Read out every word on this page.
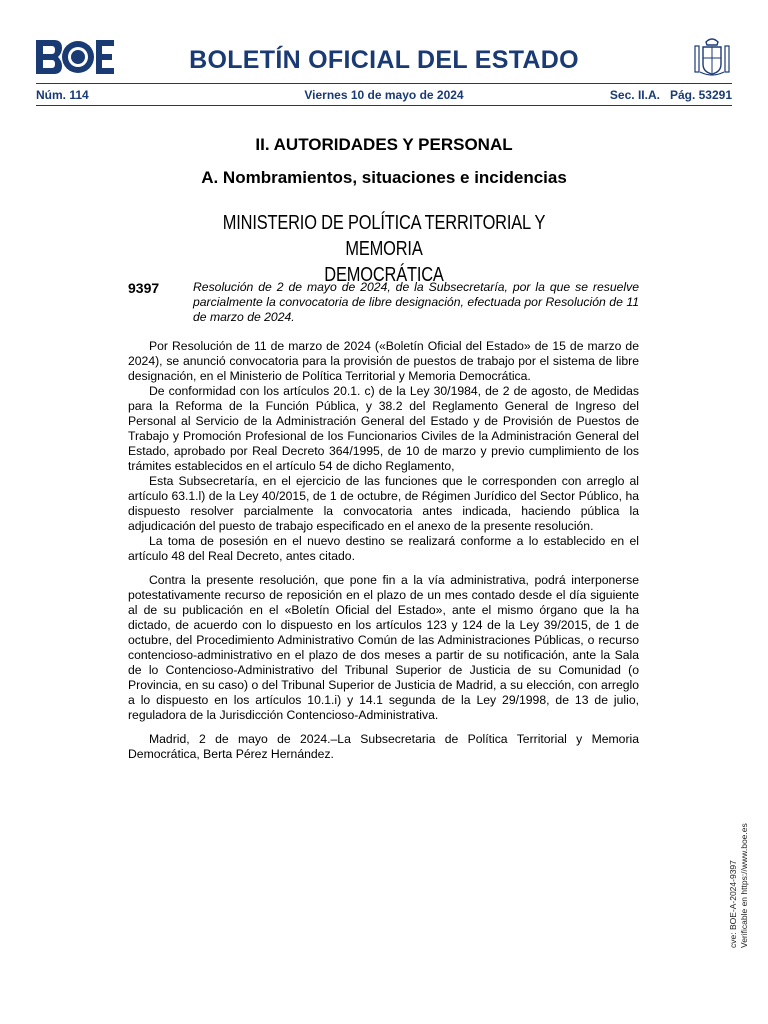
BOLETÍN OFICIAL DEL ESTADO
Núm. 114	Viernes 10 de mayo de 2024	Sec. II.A.   Pág. 53291
II. AUTORIDADES Y PERSONAL
A. Nombramientos, situaciones e incidencias
MINISTERIO DE POLÍTICA TERRITORIAL Y MEMORIA
DEMOCRÁTICA
9397	Resolución de 2 de mayo de 2024, de la Subsecretaría, por la que se resuelve parcialmente la convocatoria de libre designación, efectuada por Resolución de 11 de marzo de 2024.

Por Resolución de 11 de marzo de 2024 («Boletín Oficial del Estado» de 15 de marzo de 2024), se anunció convocatoria para la provisión de puestos de trabajo por el sistema de libre designación, en el Ministerio de Política Territorial y Memoria Democrática.

De conformidad con los artículos 20.1. c) de la Ley 30/1984, de 2 de agosto, de Medidas para la Reforma de la Función Pública, y 38.2 del Reglamento General de Ingreso del Personal al Servicio de la Administración General del Estado y de Provisión de Puestos de Trabajo y Promoción Profesional de los Funcionarios Civiles de la Administración General del Estado, aprobado por Real Decreto 364/1995, de 10 de marzo y previo cumplimiento de los trámites establecidos en el artículo 54 de dicho Reglamento,

Esta Subsecretaría, en el ejercicio de las funciones que le corresponden con arreglo al artículo 63.1.l) de la Ley 40/2015, de 1 de octubre, de Régimen Jurídico del Sector Público, ha dispuesto resolver parcialmente la convocatoria antes indicada, haciendo pública la adjudicación del puesto de trabajo especificado en el anexo de la presente resolución.

La toma de posesión en el nuevo destino se realizará conforme a lo establecido en el artículo 48 del Real Decreto, antes citado.

Contra la presente resolución, que pone fin a la vía administrativa, podrá interponerse potestativamente recurso de reposición en el plazo de un mes contado desde el día siguiente al de su publicación en el «Boletín Oficial del Estado», ante el mismo órgano que la ha dictado, de acuerdo con lo dispuesto en los artículos 123 y 124 de la Ley 39/2015, de 1 de octubre, del Procedimiento Administrativo Común de las Administraciones Públicas, o recurso contencioso-administrativo en el plazo de dos meses a partir de su notificación, ante la Sala de lo Contencioso-Administrativo del Tribunal Superior de Justicia de su Comunidad (o Provincia, en su caso) o del Tribunal Superior de Justicia de Madrid, a su elección, con arreglo a lo dispuesto en los artículos 10.1.i) y 14.1 segunda de la Ley 29/1998, de 13 de julio, reguladora de la Jurisdicción Contencioso-Administrativa.

Madrid, 2 de mayo de 2024.–La Subsecretaria de Política Territorial y Memoria Democrática, Berta Pérez Hernández.

cve: BOE-A-2024-9397 Verificable en https://www.boe.es
